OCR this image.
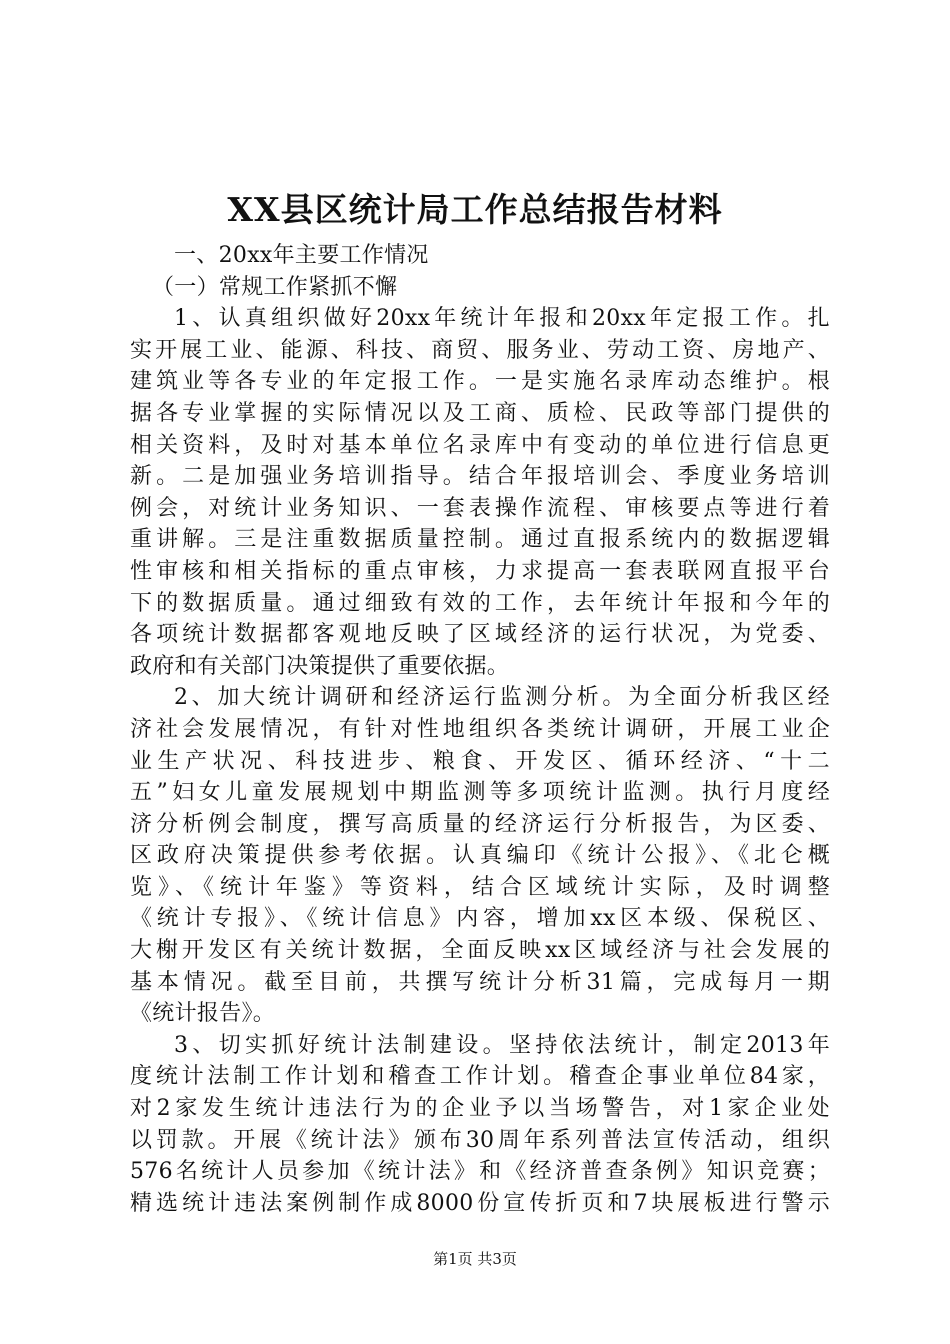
XX县区统计局工作总结报告材料
一、20xx年主要工作情况
（一）常规工作紧抓不懈
1、认真组织做好20xx年统计年报和20xx年定报工作。扎
实开展工业、能源、科技、商贸、服务业、劳动工资、房地产、
建筑业等各专业的年定报工作。一是实施名录库动态维护。根
据各专业掌握的实际情况以及工商、质检、民政等部门提供的
相关资料，及时对基本单位名录库中有变动的单位进行信息更
新。二是加强业务培训指导。结合年报培训会、季度业务培训
例会，对统计业务知识、一套表操作流程、审核要点等进行着
重讲解。三是注重数据质量控制。通过直报系统内的数据逻辑
性审核和相关指标的重点审核，力求提高一套表联网直报平台
下的数据质量。通过细致有效的工作，去年统计年报和今年的
各项统计数据都客观地反映了区域经济的运行状况，为党委、
政府和有关部门决策提供了重要依据。
2、加大统计调研和经济运行监测分析。为全面分析我区经
济社会发展情况，有针对性地组织各类统计调研，开展工业企
业生产状况、科技进步、粮食、开发区、循环经济、“十二
五”妇女儿童发展规划中期监测等多项统计监测。执行月度经
济分析例会制度，撰写高质量的经济运行分析报告，为区委、
区政府决策提供参考依据。认真编印《统计公报》、《北仑概
览》、《统计年鉴》等资料，结合区域统计实际，及时调整
《统计专报》、《统计信息》内容，增加xx区本级、保税区、
大榭开发区有关统计数据，全面反映xx区域经济与社会发展的
基本情况。截至目前，共撰写统计分析31篇，完成每月一期
《统计报告》。
3、切实抓好统计法制建设。坚持依法统计，制定2013年
度统计法制工作计划和稽查工作计划。稽查企事业单位84家，
对2家发生统计违法行为的企业予以当场警告，对1家企业处
以罚款。开展《统计法》颁布30周年系列普法宣传活动，组织
576名统计人员参加《统计法》和《经济普查条例》知识竞赛；
精选统计违法案例制作成8000份宣传折页和7块展板进行警示
第1页 共3页
